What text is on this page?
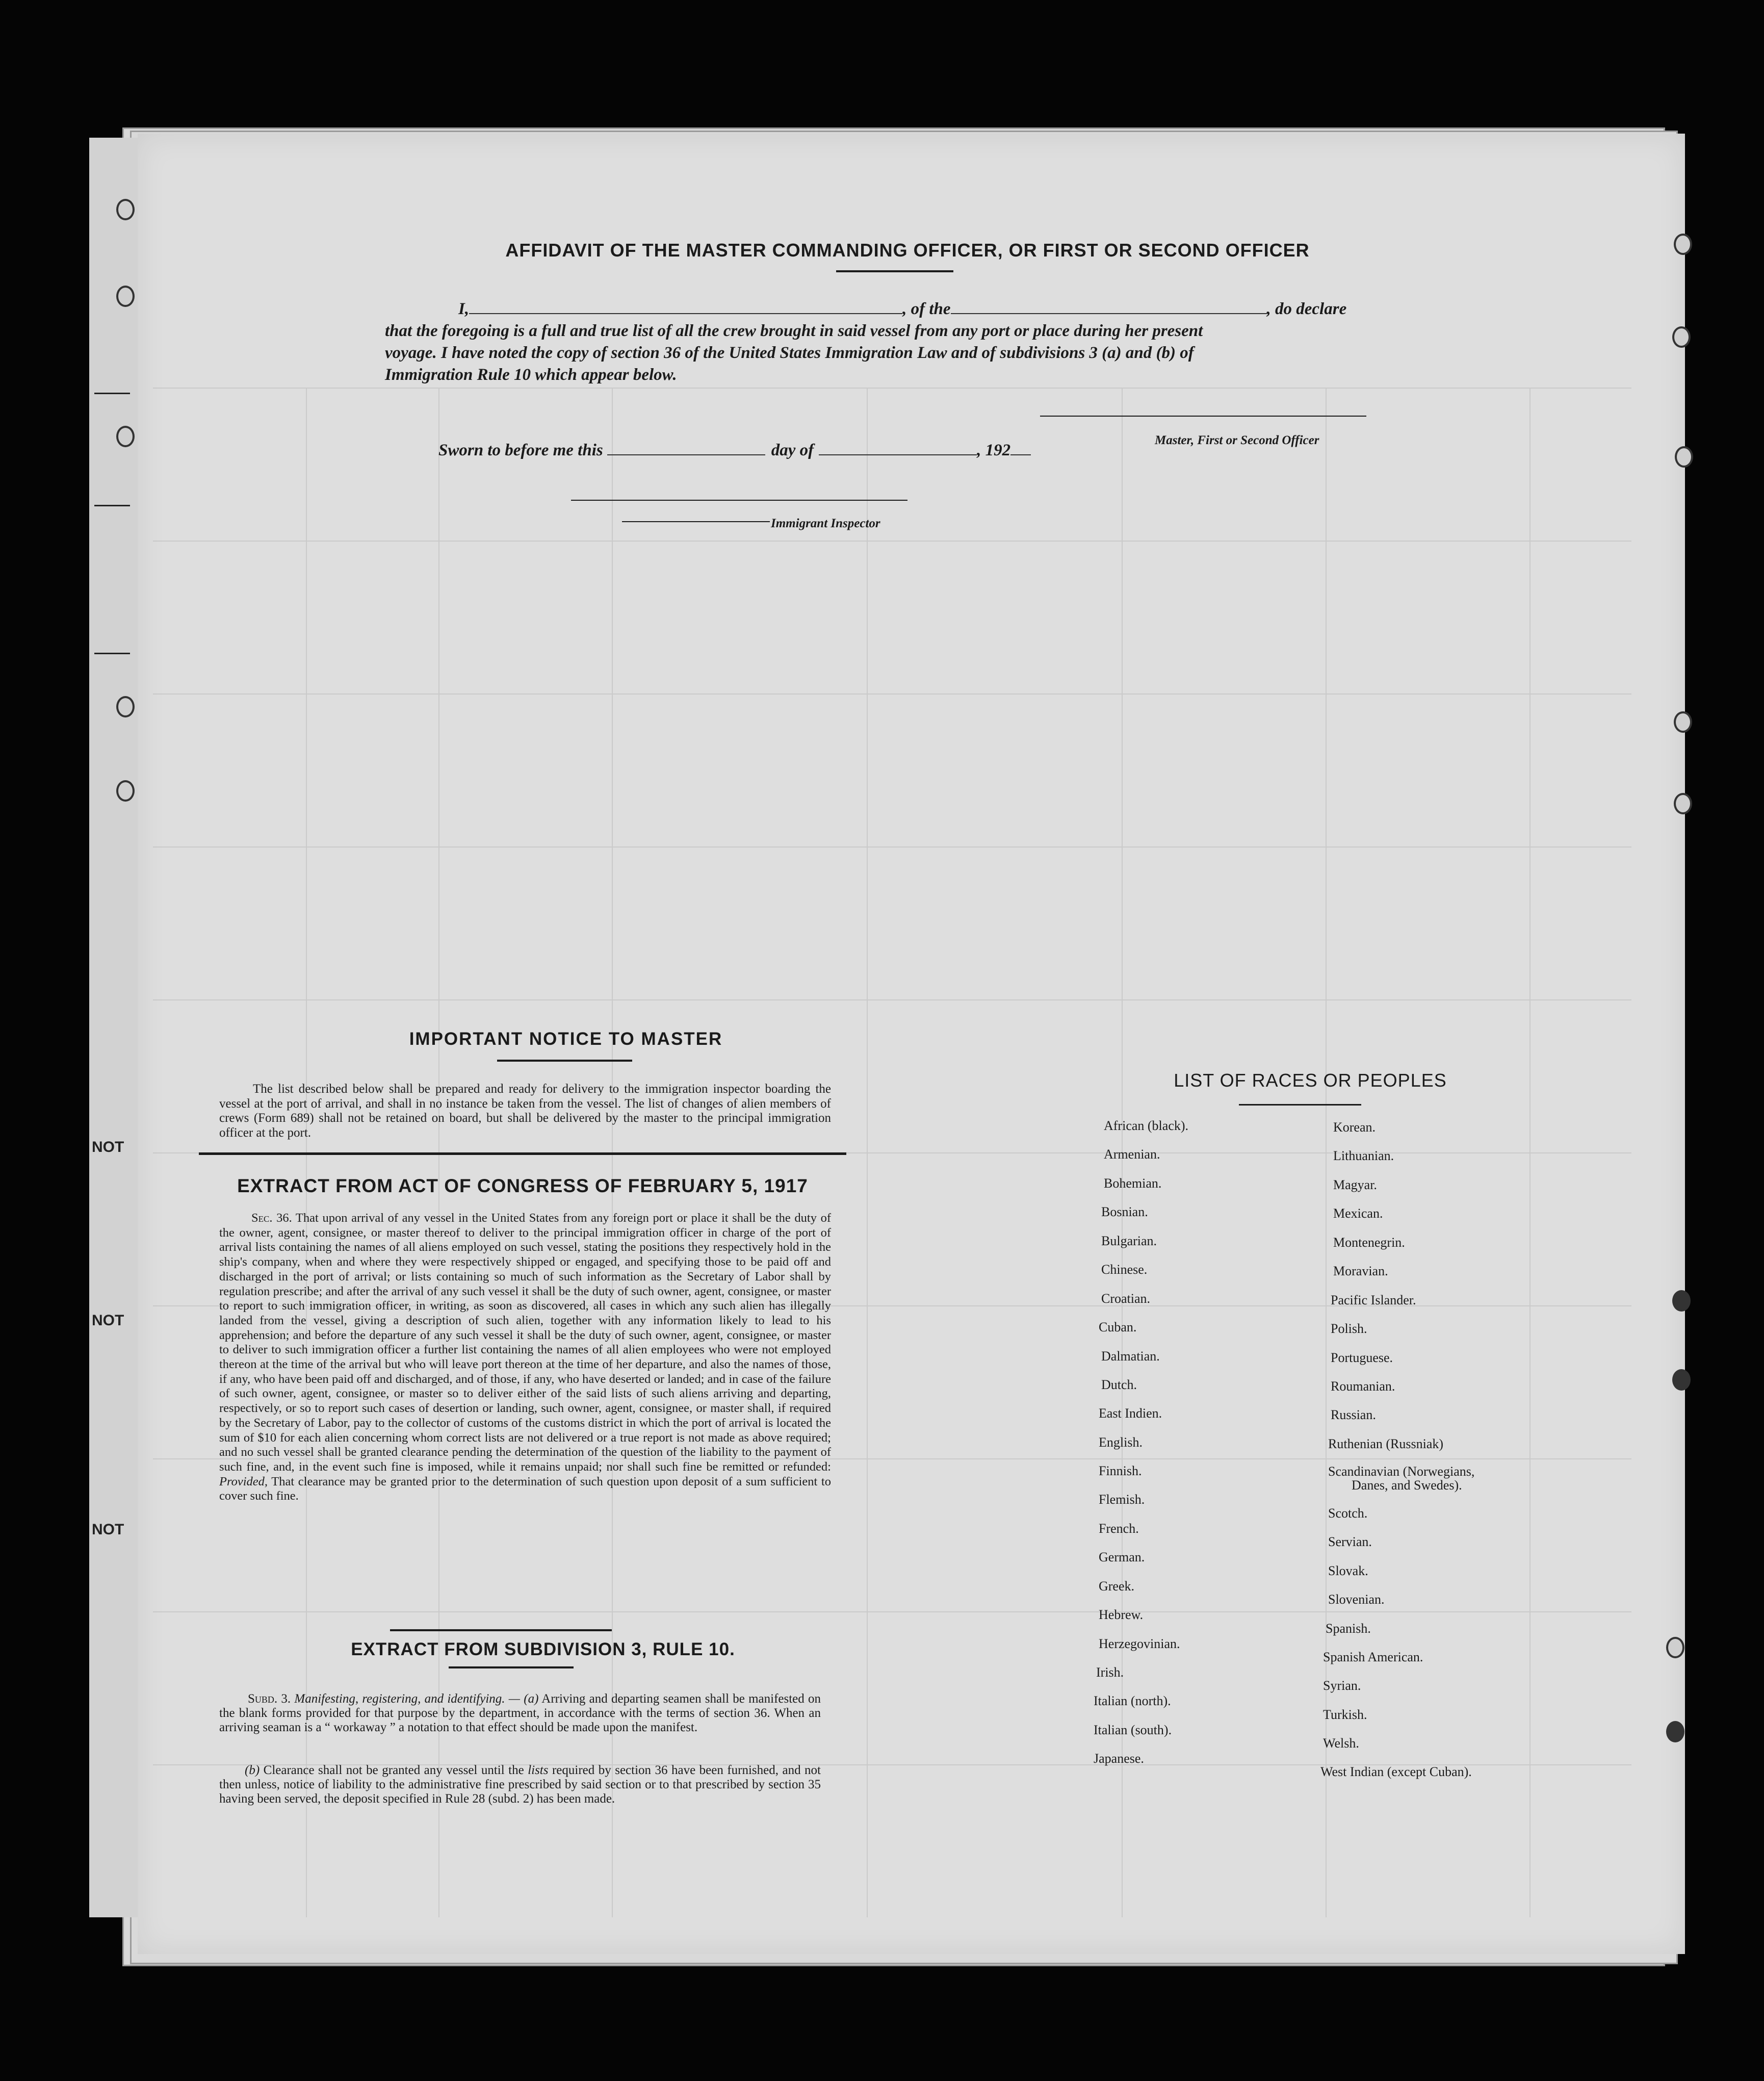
NOT
NOT
NOT
AFFIDAVIT OF THE MASTER COMMANDING OFFICER, OR FIRST OR SECOND OFFICER
I,	, of the	, do declare
that the foregoing is a full and true list of all the crew brought in said vessel from any port or place during her present
voyage. I have noted the copy of section 36 of the United States Immigration Law and of subdivisions 3 (a) and (b) of
Immigration Rule 10 which appear below.
Master, First or Second Officer
Sworn to before me this	day of	, 192
Immigrant Inspector
IMPORTANT NOTICE TO MASTER
The list described below shall be prepared and ready for delivery to the immigration inspector boarding the vessel at the port of arrival, and shall in no instance be taken from the vessel. The list of changes of alien members of crews (Form 689) shall not be retained on board, but shall be delivered by the master to the principal immigration officer at the port.
EXTRACT FROM ACT OF CONGRESS OF FEBRUARY 5, 1917
Sec. 36. That upon arrival of any vessel in the United States from any foreign port or place it shall be the duty of the owner, agent, consignee, or master thereof to deliver to the principal immigration officer in charge of the port of arrival lists containing the names of all aliens employed on such vessel, stating the positions they respectively hold in the ship's company, when and where they were respectively shipped or engaged, and specifying those to be paid off and discharged in the port of arrival; or lists containing so much of such information as the Secretary of Labor shall by regulation prescribe; and after the arrival of any such vessel it shall be the duty of such owner, agent, consignee, or master to report to such immigration officer, in writing, as soon as discovered, all cases in which any such alien has illegally landed from the vessel, giving a description of such alien, together with any information likely to lead to his apprehension; and before the departure of any such vessel it shall be the duty of such owner, agent, consignee, or master to deliver to such immigration officer a further list containing the names of all alien employees who were not employed thereon at the time of the arrival but who will leave port thereon at the time of her departure, and also the names of those, if any, who have been paid off and discharged, and of those, if any, who have deserted or landed; and in case of the failure of such owner, agent, consignee, or master so to deliver either of the said lists of such aliens arriving and departing, respectively, or so to report such cases of desertion or landing, such owner, agent, consignee, or master shall, if required by the Secretary of Labor, pay to the collector of customs of the customs district in which the port of arrival is located the sum of $10 for each alien concerning whom correct lists are not delivered or a true report is not made as above required; and no such vessel shall be granted clearance pending the determination of the question of the liability to the payment of such fine, and, in the event such fine is imposed, while it remains unpaid; nor shall such fine be remitted or refunded: Provided, That clearance may be granted prior to the determination of such question upon deposit of a sum sufficient to cover such fine.
EXTRACT FROM SUBDIVISION 3, RULE 10.
Subd. 3. Manifesting, registering, and identifying. — (a) Arriving and departing seamen shall be manifested on the blank forms provided for that purpose by the department, in accordance with the terms of section 36. When an arriving seaman is a “ workaway ” a notation to that effect should be made upon the manifest.
(b) Clearance shall not be granted any vessel until the lists required by section 36 have been furnished, and not then unless, notice of liability to the administrative fine prescribed by said section or to that prescribed by section 35 having been served, the deposit specified in Rule 28 (subd. 2) has been made.
LIST OF RACES OR PEOPLES
African (black).
Armenian.
Bohemian.
Bosnian.
Bulgarian.
Chinese.
Croatian.
Cuban.
Dalmatian.
Dutch.
East Indien.
English.
Finnish.
Flemish.
French.
German.
Greek.
Hebrew.
Herzegovinian.
Irish.
Italian (north).
Italian (south).
Japanese.
Korean.
Lithuanian.
Magyar.
Mexican.
Montenegrin.
Moravian.
Pacific Islander.
Polish.
Portuguese.
Roumanian.
Russian.
Ruthenian (Russniak)
Scandinavian (Norwegians,
Danes, and Swedes).
Scotch.
Servian.
Slovak.
Slovenian.
Spanish.
Spanish American.
Syrian.
Turkish.
Welsh.
West Indian (except Cuban).
